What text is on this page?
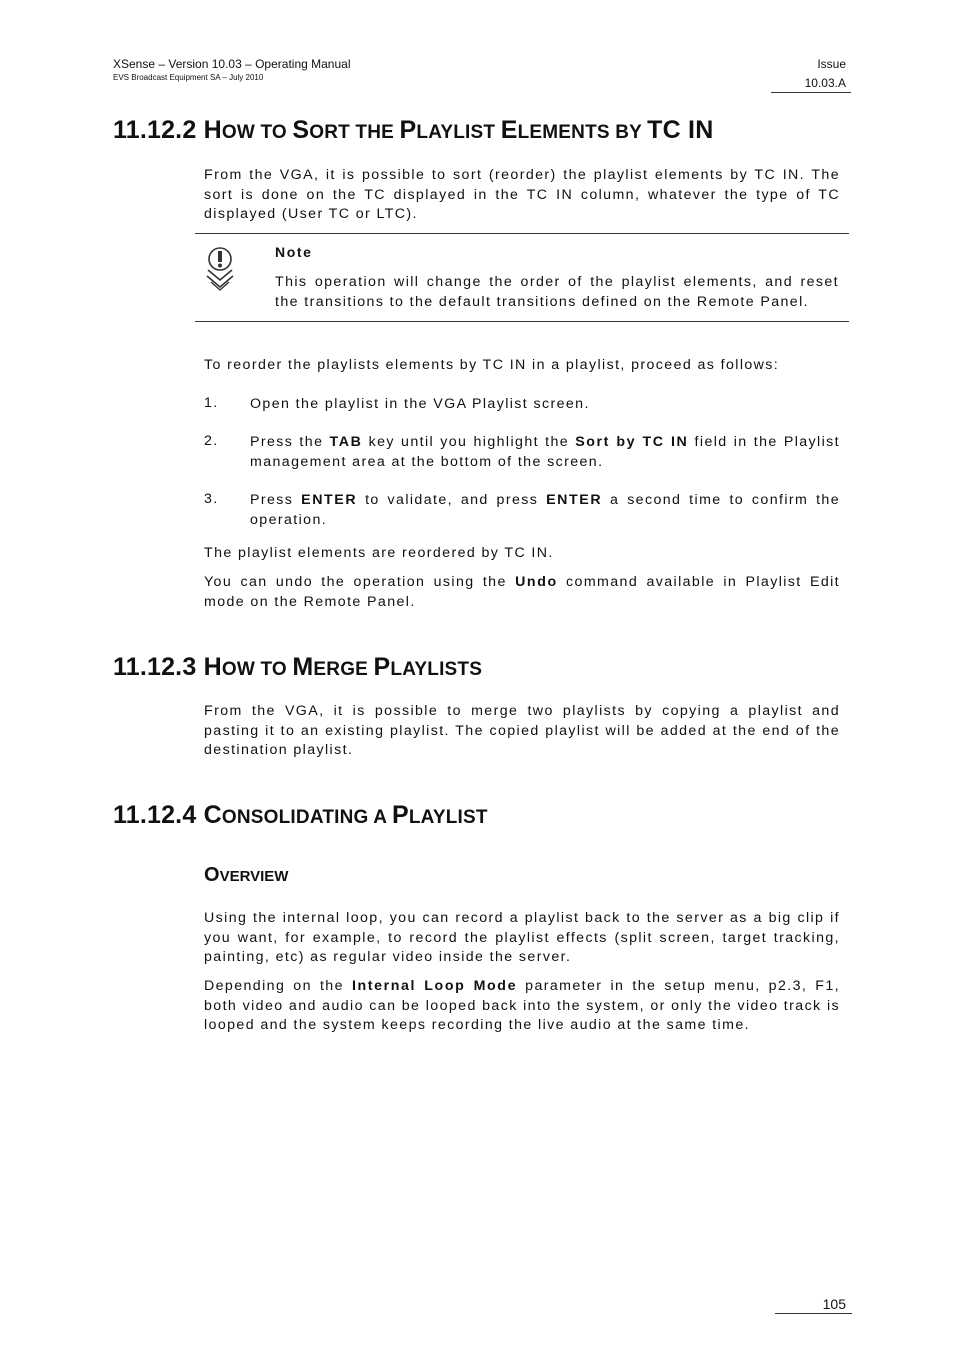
XSense – Version 10.03 – Operating Manual
EVS Broadcast Equipment SA – July 2010
Issue
10.03.A
11.12.2 HOW TO SORT THE PLAYLIST ELEMENTS BY TC IN
From the VGA, it is possible to sort (reorder) the playlist elements by TC IN. The sort is done on the TC displayed in the TC IN column, whatever the type of TC displayed (User TC or LTC).
Note
This operation will change the order of the playlist elements, and reset the transitions to the default transitions defined on the Remote Panel.
To reorder the playlists elements by TC IN in a playlist, proceed as follows:
1. Open the playlist in the VGA Playlist screen.
2. Press the TAB key until you highlight the Sort by TC IN field in the Playlist management area at the bottom of the screen.
3. Press ENTER to validate, and press ENTER a second time to confirm the operation.
The playlist elements are reordered by TC IN.
You can undo the operation using the Undo command available in Playlist Edit mode on the Remote Panel.
11.12.3 HOW TO MERGE PLAYLISTS
From the VGA, it is possible to merge two playlists by copying a playlist and pasting it to an existing playlist. The copied playlist will be added at the end of the destination playlist.
11.12.4 CONSOLIDATING A PLAYLIST
OVERVIEW
Using the internal loop, you can record a playlist back to the server as a big clip if you want, for example, to record the playlist effects (split screen, target tracking, painting, etc) as regular video inside the server.
Depending on the Internal Loop Mode parameter in the setup menu, p2.3, F1, both video and audio can be looped back into the system, or only the video track is looped and the system keeps recording the live audio at the same time.
105
